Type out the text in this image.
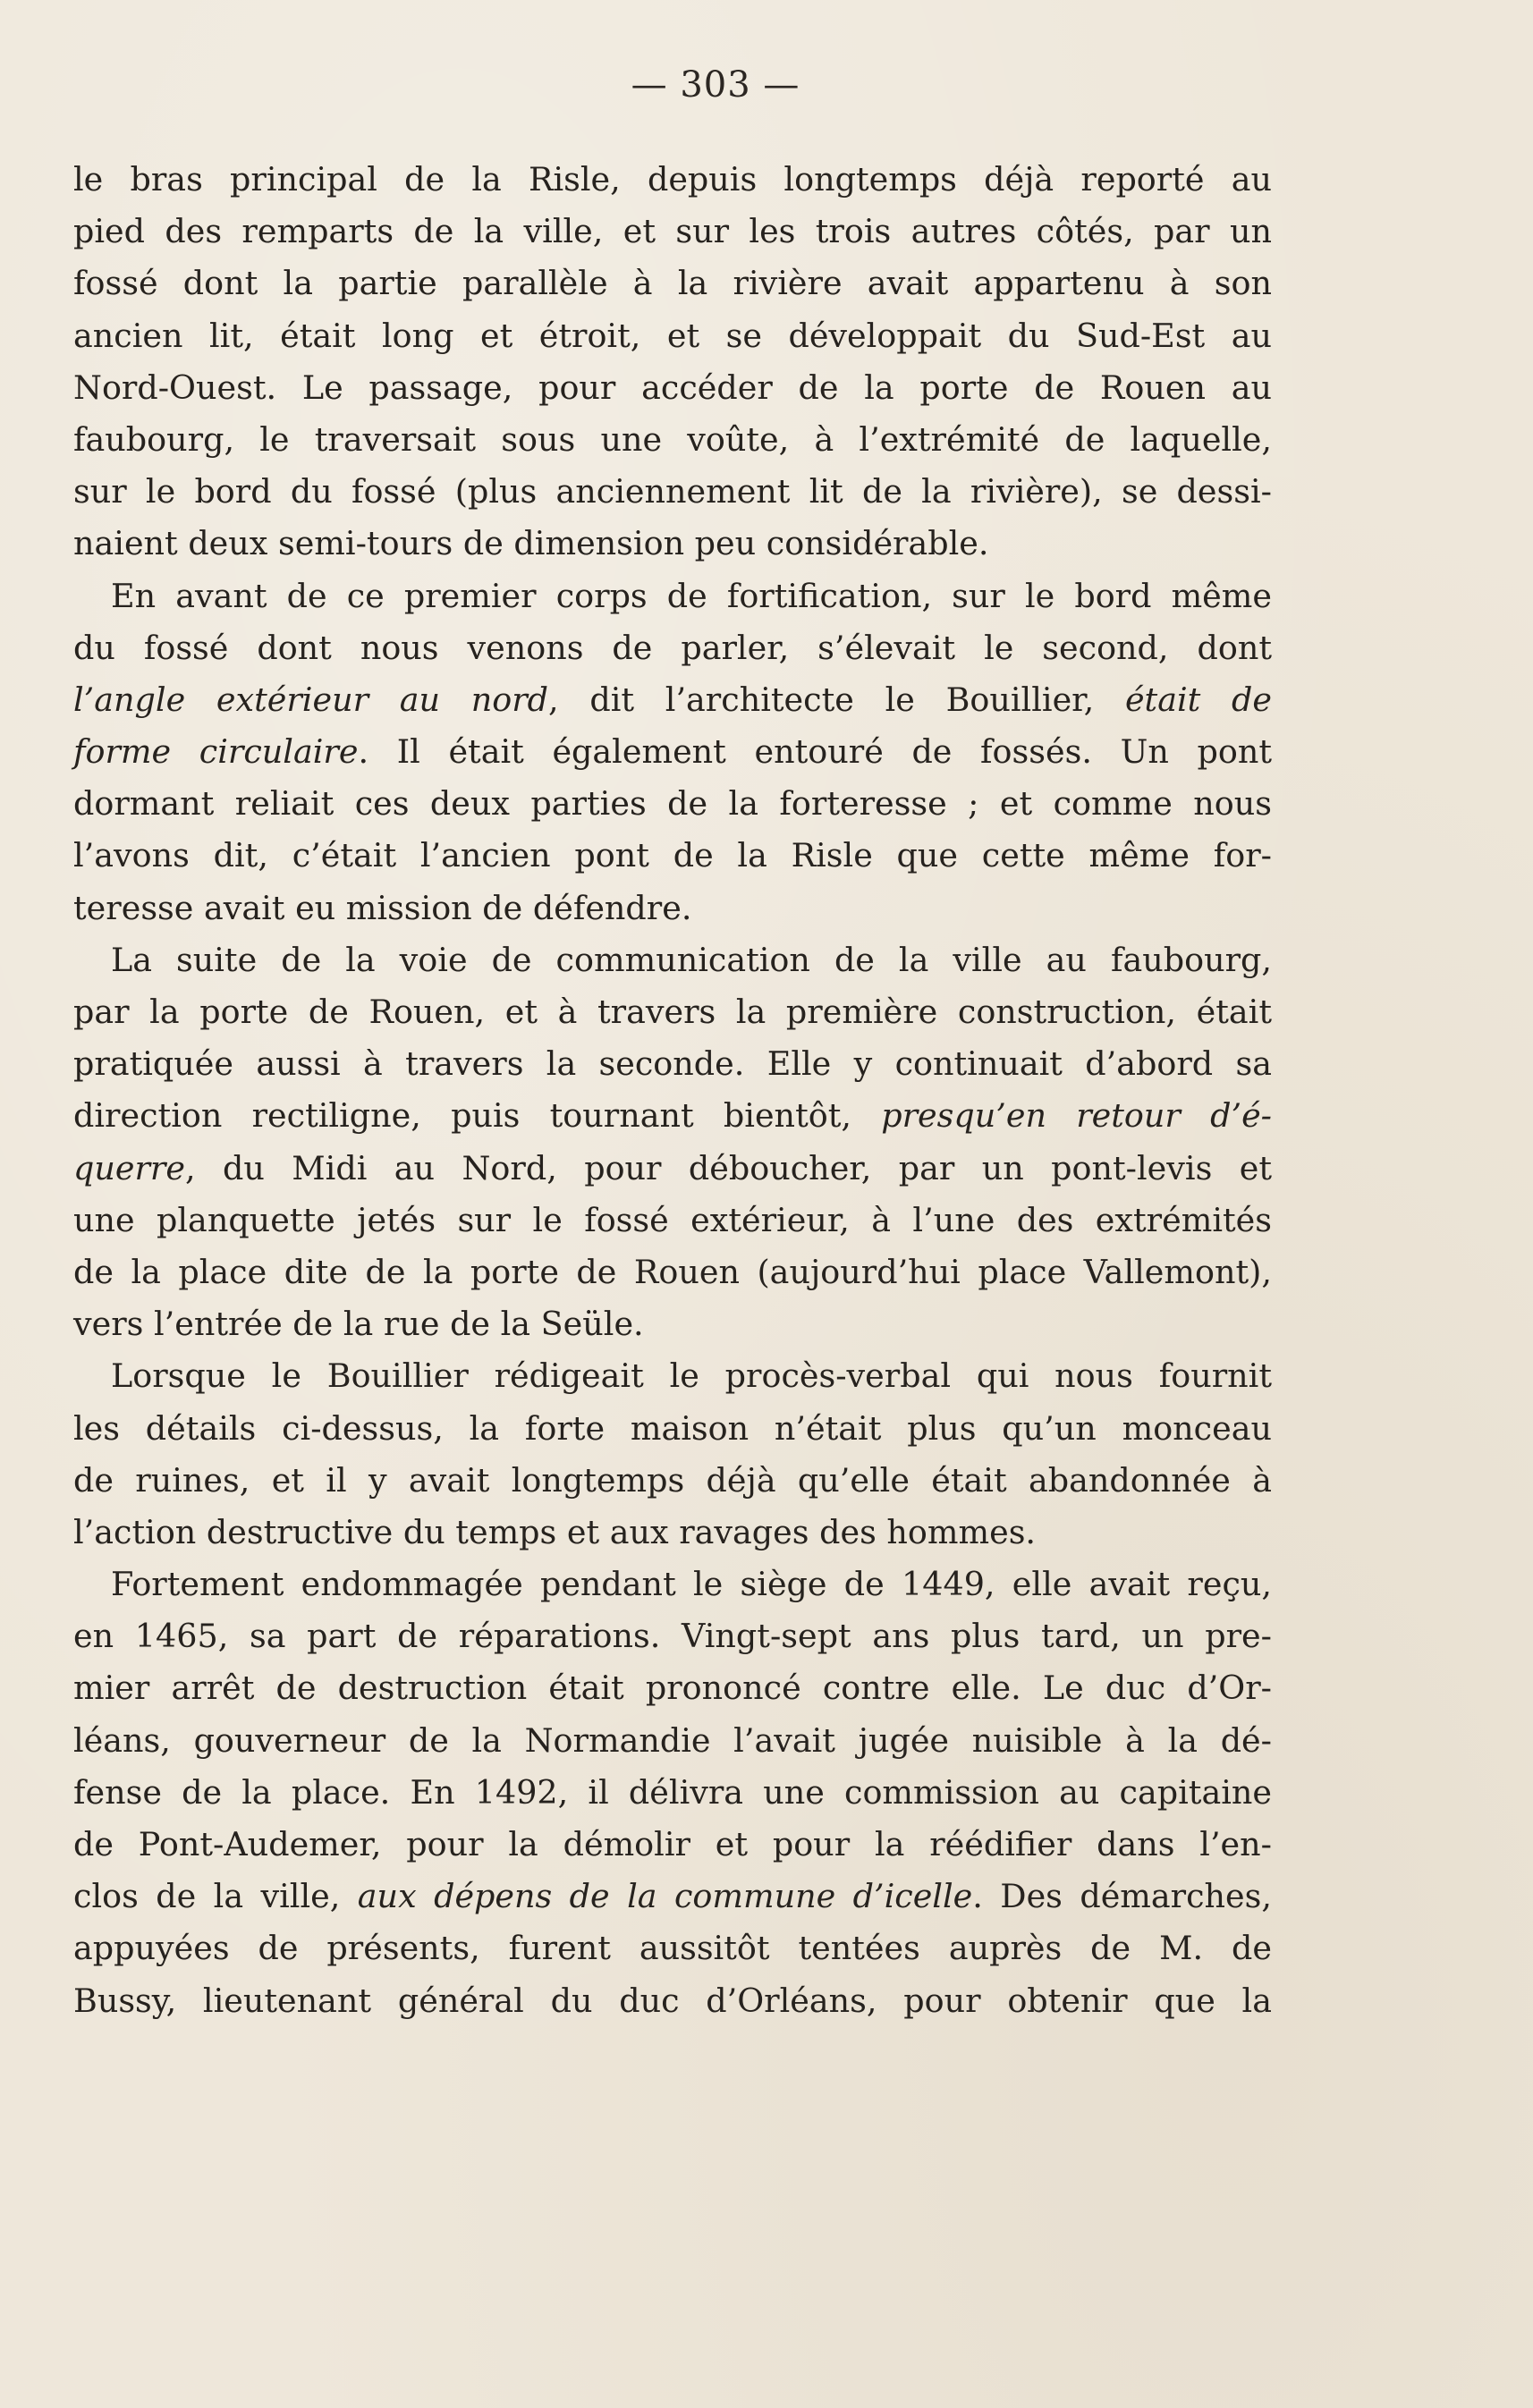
— 303 —
le bras principal de la Risle, depuis longtemps déjà reporté au
pied des remparts de la ville, et sur les trois autres côtés, par un
fossé dont la partie parallèle à la rivière avait appartenu à son
ancien lit, était long et étroit, et se développait du Sud-Est au
Nord-Ouest. Le passage, pour accéder de la porte de Rouen au
faubourg, le traversait sous une voûte, à l’extrémité de laquelle,
sur le bord du fossé (plus anciennement lit de la rivière), se dessi-
naient deux semi-tours de dimension peu considérable.
En avant de ce premier corps de fortification, sur le bord même
du fossé dont nous venons de parler, s’élevait le second, dont
l’angle extérieur au nord, dit l’architecte le Bouillier, était de
forme circulaire. Il était également entouré de fossés. Un pont
dormant reliait ces deux parties de la forteresse ; et comme nous
l’avons dit, c’était l’ancien pont de la Risle que cette même for-
teresse avait eu mission de défendre.
La suite de la voie de communication de la ville au faubourg,
par la porte de Rouen, et à travers la première construction, était
pratiquée aussi à travers la seconde. Elle y continuait d’abord sa
direction rectiligne, puis tournant bientôt, presqu’en retour d’é-
querre, du Midi au Nord, pour déboucher, par un pont-levis et
une planquette jetés sur le fossé extérieur, à l’une des extrémités
de la place dite de la porte de Rouen (aujourd’hui place Vallemont),
vers l’entrée de la rue de la Seüle.
Lorsque le Bouillier rédigeait le procès-verbal qui nous fournit
les détails ci-dessus, la forte maison n’était plus qu’un monceau
de ruines, et il y avait longtemps déjà qu’elle était abandonnée à
l’action destructive du temps et aux ravages des hommes.
Fortement endommagée pendant le siège de 1449, elle avait reçu,
en 1465, sa part de réparations. Vingt-sept ans plus tard, un pre-
mier arrêt de destruction était prononcé contre elle. Le duc d’Or-
léans, gouverneur de la Normandie l’avait jugée nuisible à la dé-
fense de la place. En 1492, il délivra une commission au capitaine
de Pont-Audemer, pour la démolir et pour la réédifier dans l’en-
clos de la ville, aux dépens de la commune d’icelle. Des démarches,
appuyées de présents, furent aussitôt tentées auprès de M. de
Bussy, lieutenant général du duc d’Orléans, pour obtenir que la
